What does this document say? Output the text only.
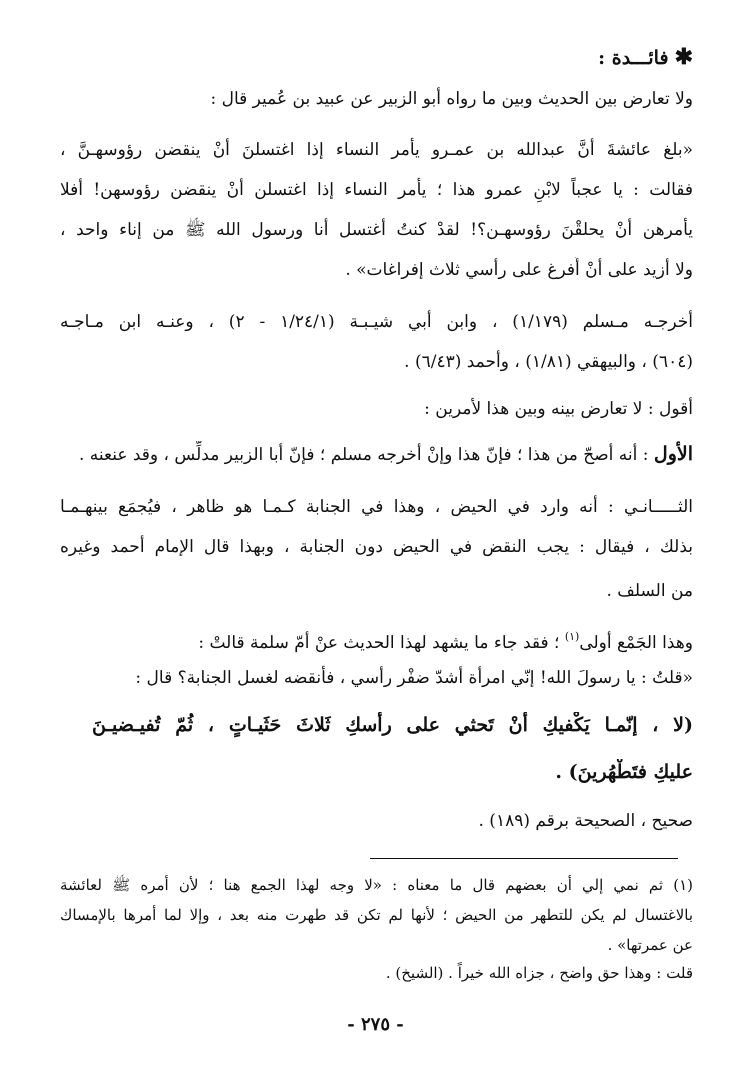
✱فائـــدة :
ولا تعارض بين الحديث وبين ما رواه أبو الزبير عن عبيد بن عُمير قال :
«بلغ عائشةَ أنَّ عبدالله بن عمـرو يأمر النساء إذا اغتسلنَ أنْ ينقضن رؤوسهـنَّ ،
فقالت : يا عجباً لابْنِ عمرو هذا ؛ يأمر النساء إذا اغتسلن أنْ ينقضن رؤوسهن! أفلا
يأمرهن أنْ يحلقْنَ رؤوسهـن؟! لقدْ كنتُ أغتسل أنا ورسول الله ﷺ من إناء واحد ،
ولا أزيد على أنْ أُفرغ على رأسي ثلاث إفراغات» .
أخرجـه مـسلم (١/١٧٩) ، وابن أبي شيـبـة (١/٢٤/١ - ٢) ، وعنـه ابن مـاجـه
(٦٠٤) ، والبيهقي (١/٨١) ، وأحمد (٦/٤٣) .
أقول : لا تعارض بينه وبين هذا لأمرين :
الأول : أنه أصحّ من هذا ؛ فإنّ هذا وإنْ أخرجه مسلم ؛ فإنّ أبا الزبير مدلِّس ، وقد عنعنه .
الثـــــانـي : أنه وارد في الحيض ، وهذا في الجنابة كـمـا هو ظاهر ، فيُجمَع بينهـمـا
بذلك ، فيقال : يجب النقض في الحيض دون الجنابة ، وبهذا قال الإمام أحمد وغيره
من السلف .
وهذا الجَمْع أولى$^{(١)}$ ؛ فقد جاء ما يشهد لهذا الحديث عنْ أمّ سلمة قالتْ :
«قلتُ : يا رسولَ الله! إنّي امرأة أشدّ ضفْر رأسي ، فأنقضه لغسل الجنابة؟ قال :
(لا ، إنّمـا يَكْفيكِ أنْ تَحثي على رأسكِ ثَلاثَ حَثَيـاتٍ ، ثُمّ تُفيـضيـنَ
عليكِ فتَطْهُرينَ) .
صحيح ، الصحيحة برقم (١٨٩) .
(١) ثم نمي إلي أن بعضهم قال ما معناه : «لا وجه لهذا الجمع هنا ؛ لأن أمره ﷺ لعائشة
بالاغتسال لم يكن للتطهر من الحيض ؛ لأنها لم تكن قد طهرت منه بعد ، وإلا لما أمرها بالإمساك
عن عمرتها» .
قلت : وهذا حق واضح ، جزاه الله خيراً . (الشيخ) .
- ٢٧٥ -
